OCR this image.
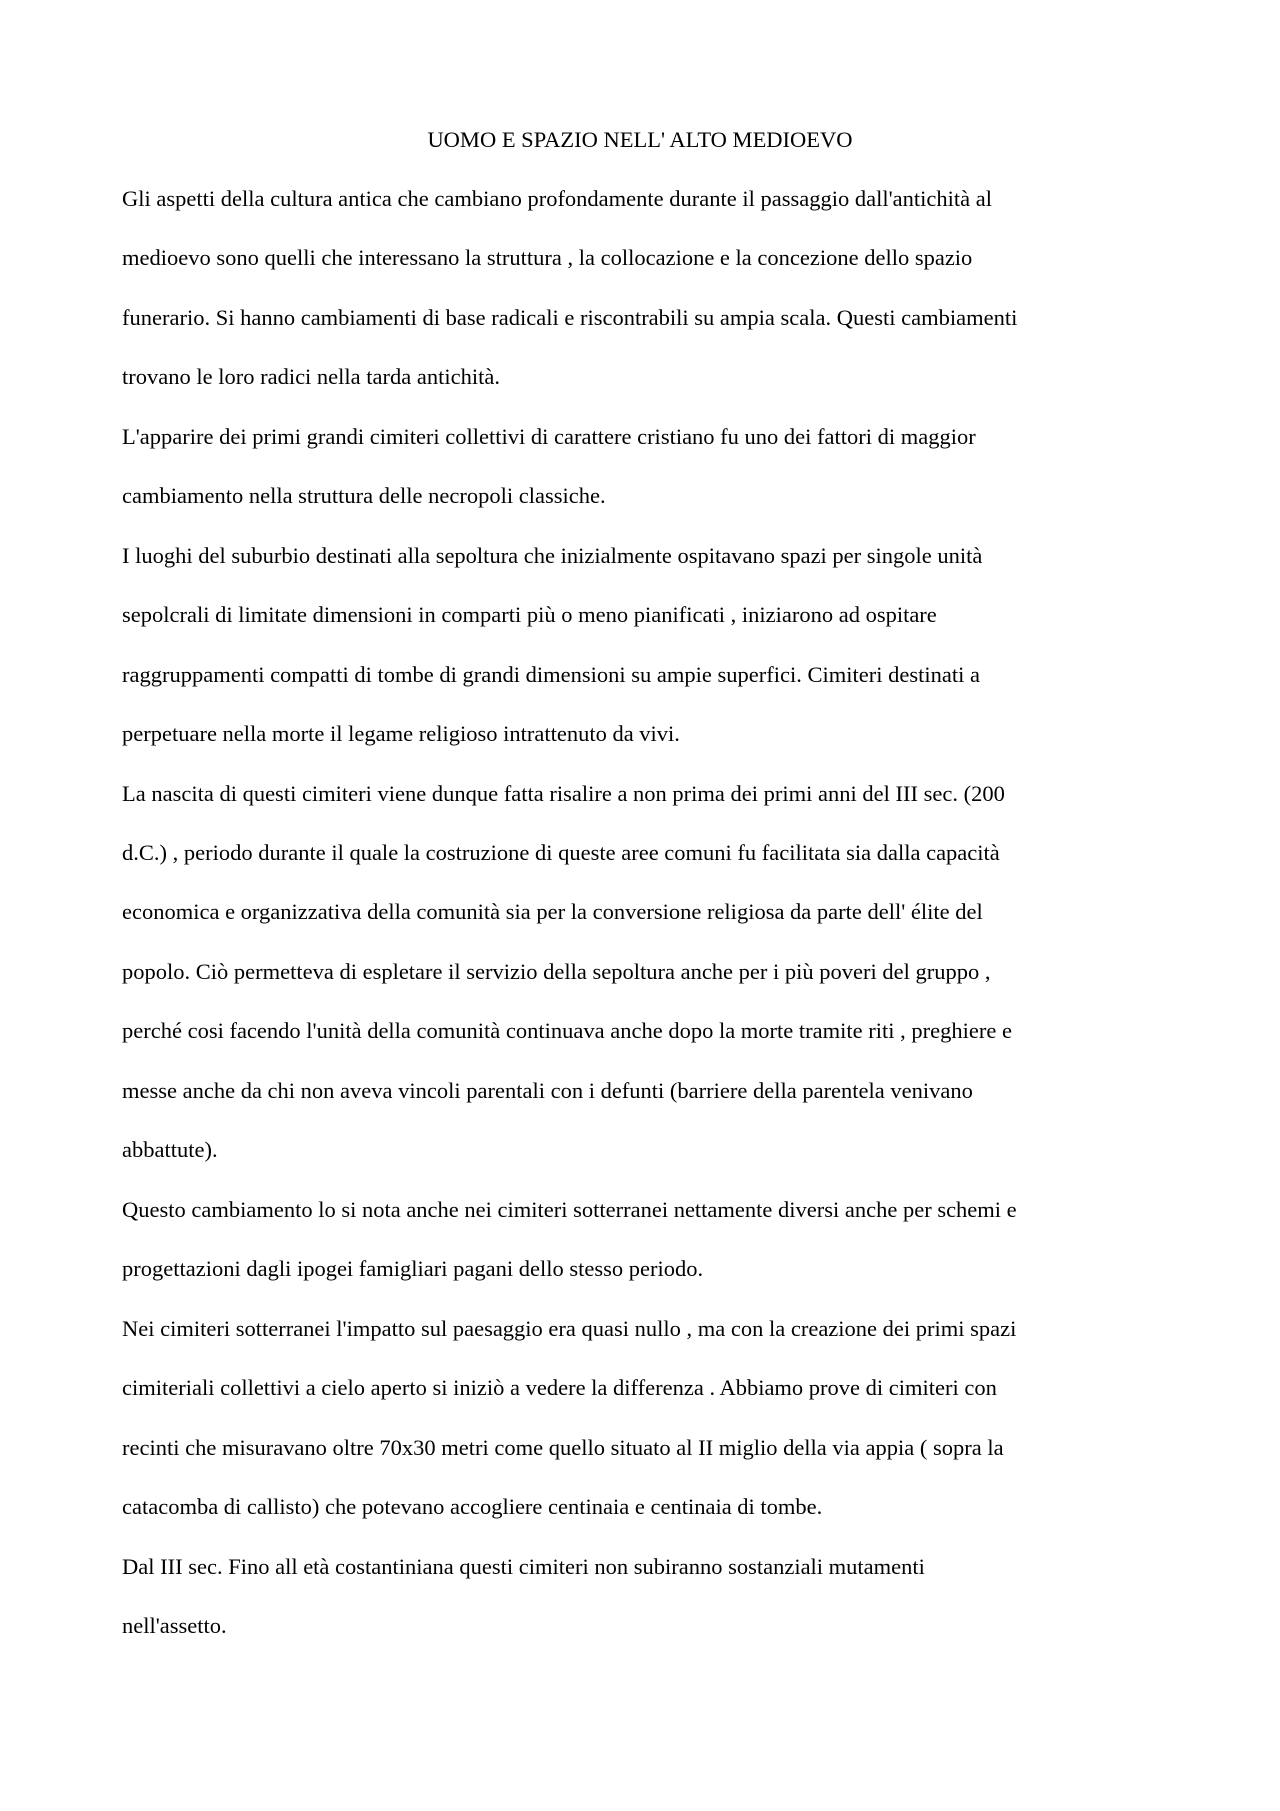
UOMO E SPAZIO NELL' ALTO MEDIOEVO

Gli aspetti della cultura antica che cambiano profondamente durante il passaggio dall'antichità al

medioevo sono quelli che interessano la struttura , la collocazione e la concezione dello spazio

funerario. Si hanno cambiamenti di base radicali e riscontrabili su ampia scala. Questi cambiamenti

trovano le loro radici nella tarda antichità.

L'apparire dei primi grandi cimiteri collettivi di carattere cristiano fu uno dei fattori di maggior

cambiamento nella struttura delle necropoli classiche.

I luoghi del suburbio destinati alla sepoltura che inizialmente ospitavano spazi per singole unità

sepolcrali di limitate dimensioni in comparti più o meno pianificati , iniziarono ad ospitare

raggruppamenti compatti di tombe di grandi dimensioni su ampie superfici. Cimiteri destinati a

perpetuare nella morte il legame religioso intrattenuto da vivi.

La nascita di questi cimiteri viene dunque fatta risalire a non prima dei primi anni del III sec. (200

d.C.) , periodo durante il quale la costruzione di queste aree comuni fu facilitata sia dalla capacità

economica e organizzativa della comunità sia per la conversione religiosa da parte dell' élite del

popolo. Ciò permetteva di espletare il servizio della sepoltura anche per i più poveri del gruppo ,

perché cosi facendo l'unità della comunità continuava anche dopo la morte tramite riti , preghiere e

messe anche da chi non aveva vincoli parentali con i defunti (barriere della parentela venivano

abbattute).

Questo cambiamento lo si nota anche nei cimiteri sotterranei nettamente diversi anche per schemi e

progettazioni dagli ipogei famigliari pagani dello stesso periodo.

Nei cimiteri sotterranei l'impatto sul paesaggio era quasi nullo , ma con la creazione dei primi spazi

cimiteriali collettivi a cielo aperto si iniziò a vedere la differenza . Abbiamo prove di cimiteri con

recinti che misuravano oltre 70x30 metri come quello situato al II miglio della via appia ( sopra la

catacomba di callisto) che potevano accogliere centinaia e centinaia di tombe.

Dal III sec. Fino all età costantiniana questi cimiteri non subiranno sostanziali mutamenti

nell'assetto.
